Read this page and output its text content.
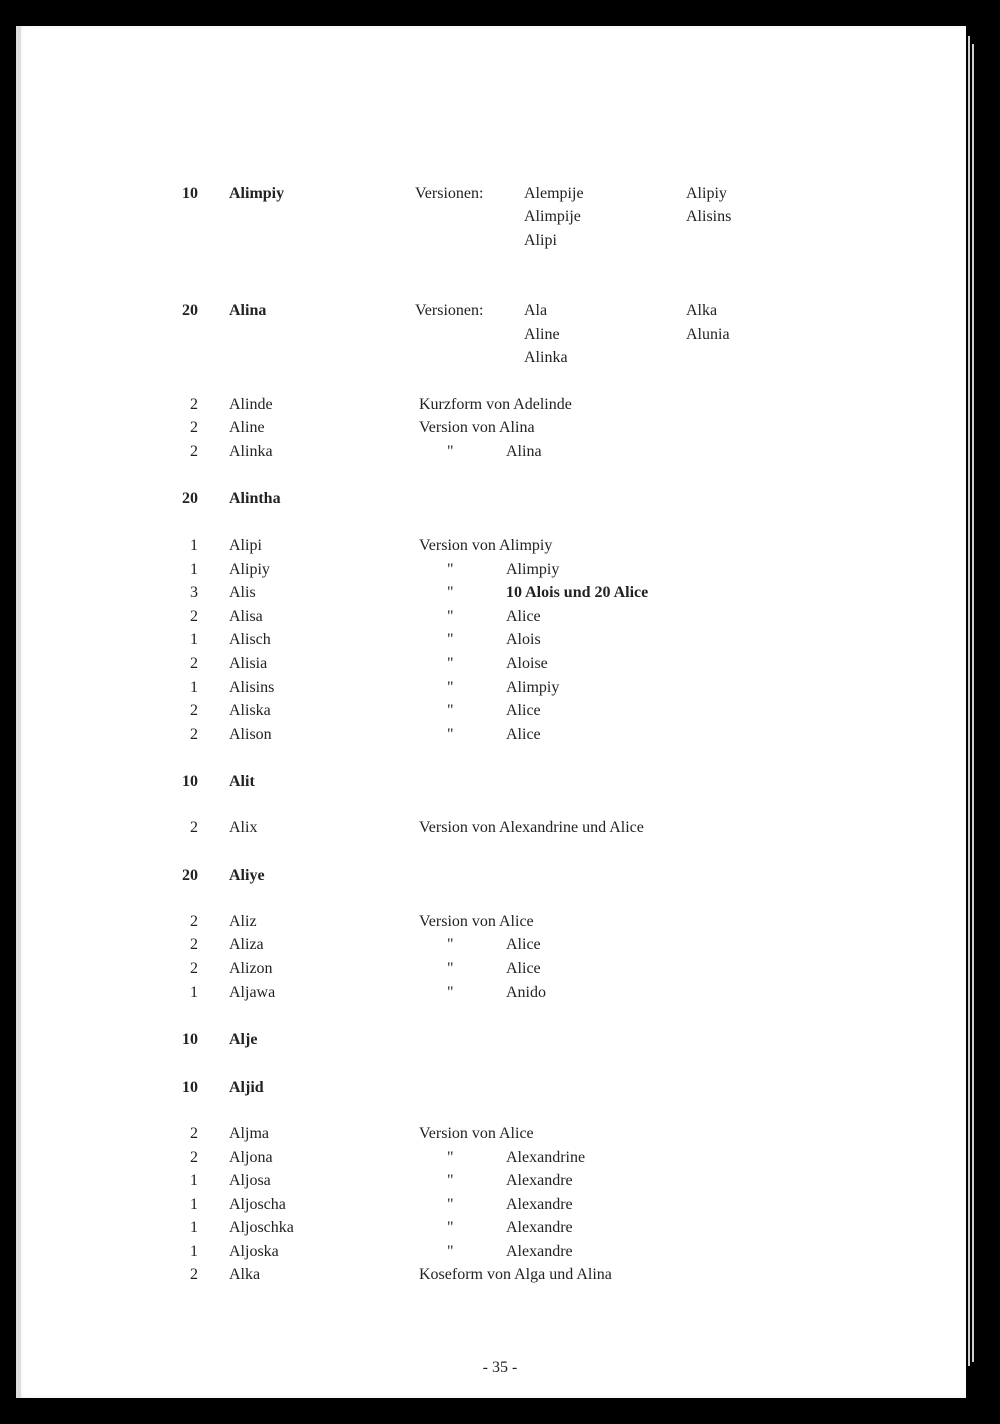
10 Alimpiy	Versionen:	Alempije	Alipiy
Alimpije	Alisins
Alipi
20 Alina	Versionen:	Ala	Alka
Aline	Alunia
Alinka
2 Alinde	Kurzform von Adelinde
2 Aline	Version von Alina
2 Alinka	"	Alina
20 Alintha
1 Alipi	Version von Alimpiy
1 Alipiy	"	Alimpiy
3 Alis	"	10 Alois und 20 Alice
2 Alisa	"	Alice
1 Alisch	"	Alois
2 Alisia	"	Aloise
1 Alisins	"	Alimpiy
2 Aliska	"	Alice
2 Alison	"	Alice
10 Alit
2 Alix	Version von Alexandrine und Alice
20 Aliye
2 Aliz	Version von Alice
2 Aliza	"	Alice
2 Alizon	"	Alice
1 Aljawa	"	Anido
10 Alje
10 Aljid
2 Aljma	Version von Alice
2 Aljona	"	Alexandrine
1 Aljosa	"	Alexandre
1 Aljoscha	"	Alexandre
1 Aljoschka	"	Alexandre
1 Aljoska	"	Alexandre
2 Alka	Koseform von Alga und Alina
- 35 -
